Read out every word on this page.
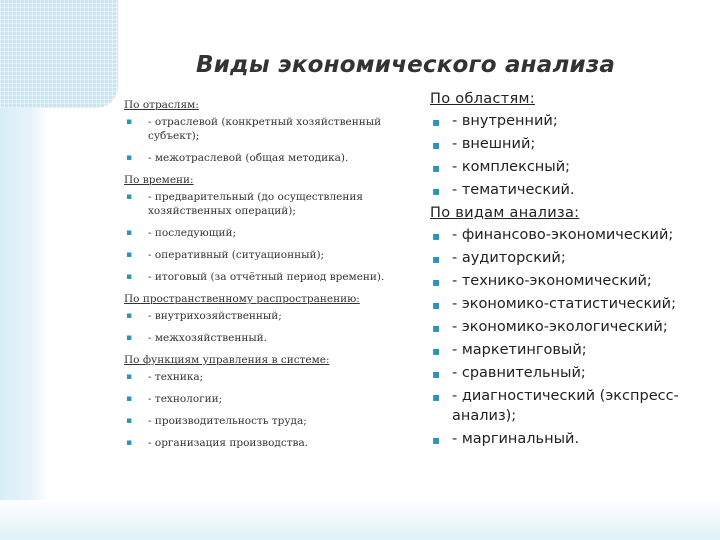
Виды экономического анализа
По отраслям:
▪ - отраслевой (конкретный хозяйственный субъект);
▪ - межотраслевой (общая методика).
По времени:
▪ - предварительный (до осуществления хозяйственных операций);
▪ - последующий;
▪ - оперативный (ситуационный);
▪ - итоговый (за отчётный период времени).
По пространственному распространению:
▪ - внутрихозяйственный;
▪ - межхозяйственный.
По функциям управления в системе:
▪ - техника;
▪ - технологии;
▪ - производительность труда;
▪ - организация производства.
По областям:
▪ - внутренний;
▪ - внешний;
▪ - комплексный;
▪ - тематический.
По видам анализа:
▪ - финансово-экономический;
▪ - аудиторский;
▪ - технико-экономический;
▪ - экономико-статистический;
▪ - экономико-экологический;
▪ - маркетинговый;
▪ - сравнительный;
▪ - диагностический (экспресс-анализ);
▪ - маргинальный.
